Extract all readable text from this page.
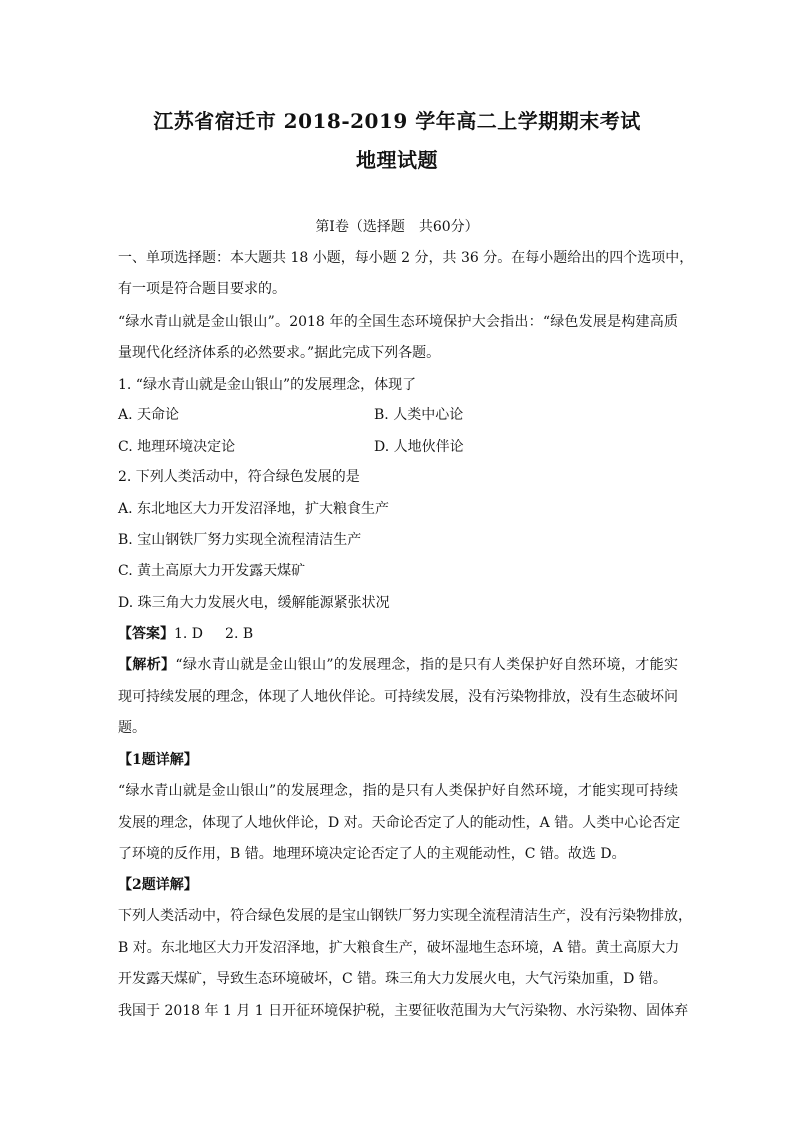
江苏省宿迁市 2018-2019 学年高二上学期期末考试
地理试题
第Ⅰ卷（选择题　共60分）
一、单项选择题：本大题共 18 小题，每小题 2 分，共 36 分。在每小题给出的四个选项中，
有一项是符合题目要求的。
“绿水青山就是金山银山”。2018 年的全国生态环境保护大会指出：“绿色发展是构建高质
量现代化经济体系的必然要求。”据此完成下列各题。
1. “绿水青山就是金山银山”的发展理念，体现了
A. 天命论	B. 人类中心论
C. 地理环境决定论	D. 人地伙伴论
2. 下列人类活动中，符合绿色发展的是
A. 东北地区大力开发沼泽地，扩大粮食生产
B. 宝山钢铁厂努力实现全流程清洁生产
C. 黄土高原大力开发露天煤矿
D. 珠三角大力发展火电，缓解能源紧张状况
【答案】1. D 2. B
【解析】“绿水青山就是金山银山”的发展理念，指的是只有人类保护好自然环境，才能实
现可持续发展的理念，体现了人地伙伴论。可持续发展，没有污染物排放，没有生态破坏问
题。
【1题详解】
“绿水青山就是金山银山”的发展理念，指的是只有人类保护好自然环境，才能实现可持续
发展的理念，体现了人地伙伴论，D 对。天命论否定了人的能动性，A 错。人类中心论否定
了环境的反作用，B 错。地理环境决定论否定了人的主观能动性，C 错。故选 D。
【2题详解】
下列人类活动中，符合绿色发展的是宝山钢铁厂努力实现全流程清洁生产，没有污染物排放，
B 对。东北地区大力开发沼泽地，扩大粮食生产，破坏湿地生态环境，A 错。黄土高原大力
开发露天煤矿，导致生态环境破坏，C 错。珠三角大力发展火电，大气污染加重，D 错。
我国于 2018 年 1 月 1 日开征环境保护税，主要征收范围为大气污染物、水污染物、固体弃
